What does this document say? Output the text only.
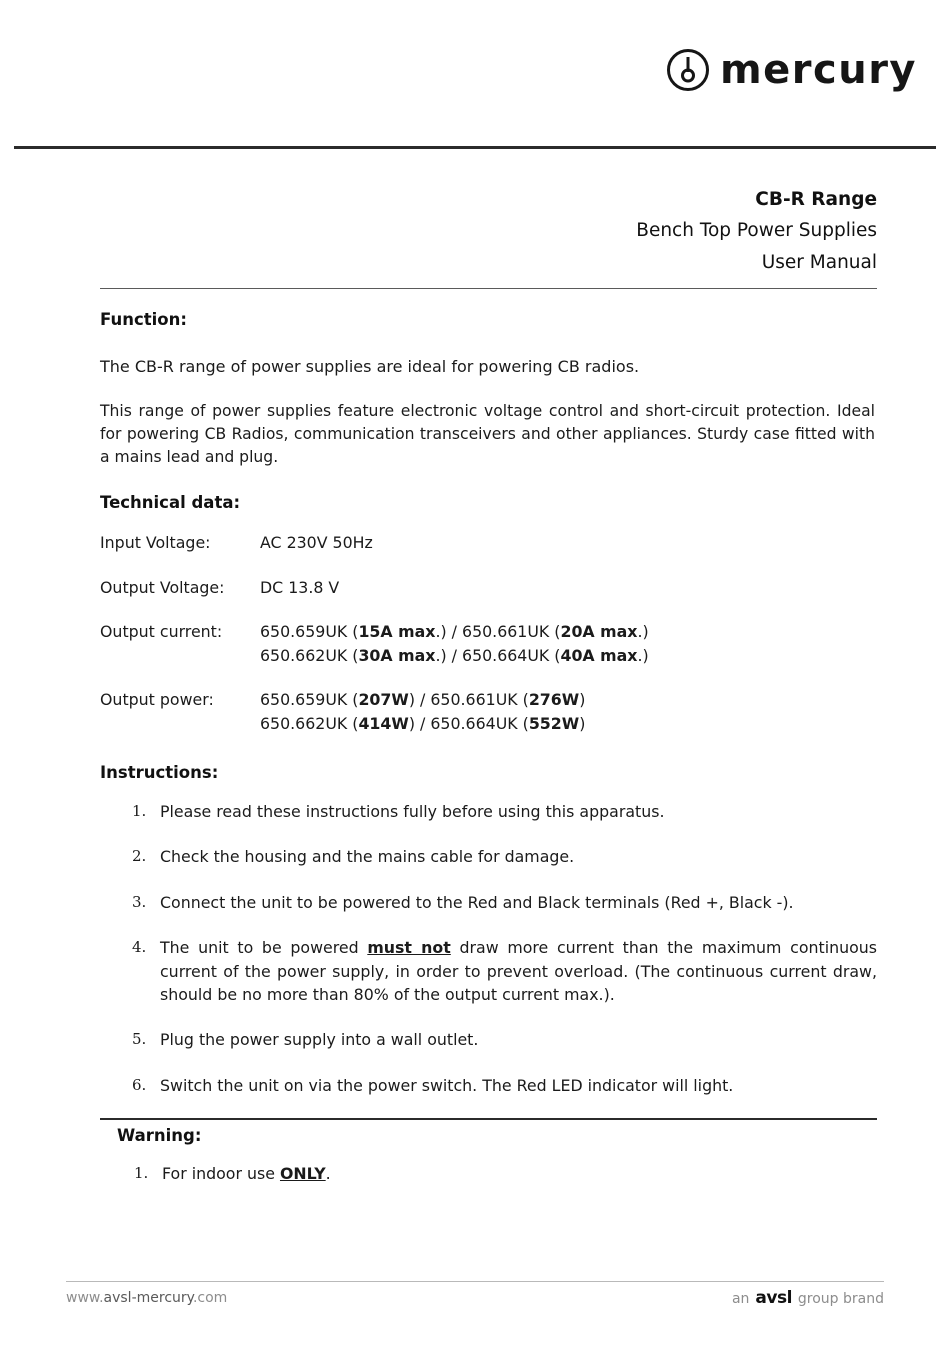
mercury
CB-R Range
Bench Top Power Supplies
User Manual
Function:

The CB-R range of power supplies are ideal for powering CB radios.

This range of power supplies feature electronic voltage control and short-circuit protection. Ideal for powering CB Radios, communication transceivers and other appliances. Sturdy case fitted with a mains lead and plug.

Technical data:
Input Voltage:	AC 230V 50Hz

Output Voltage:	DC 13.8 V

Output current:	650.659UK (15A max.) / 650.661UK (20A max.)
650.662UK (30A max.) / 650.664UK (40A max.)

Output power:	650.659UK (207W) / 650.661UK (276W)
650.662UK (414W) / 650.664UK (552W)
Instructions:
Please read these instructions fully before using this apparatus.
Check the housing and the mains cable for damage.
Connect the unit to be powered to the Red and Black terminals (Red +, Black -).
The unit to be powered must not draw more current than the maximum continuous current of the power supply, in order to prevent overload. (The continuous current draw, should be no more than 80% of the output current max.).
Plug the power supply into a wall outlet.
Switch the unit on via the power switch. The Red LED indicator will light.
Warning:
For indoor use ONLY.
www.avsl-mercury.com	an avsl group brand
